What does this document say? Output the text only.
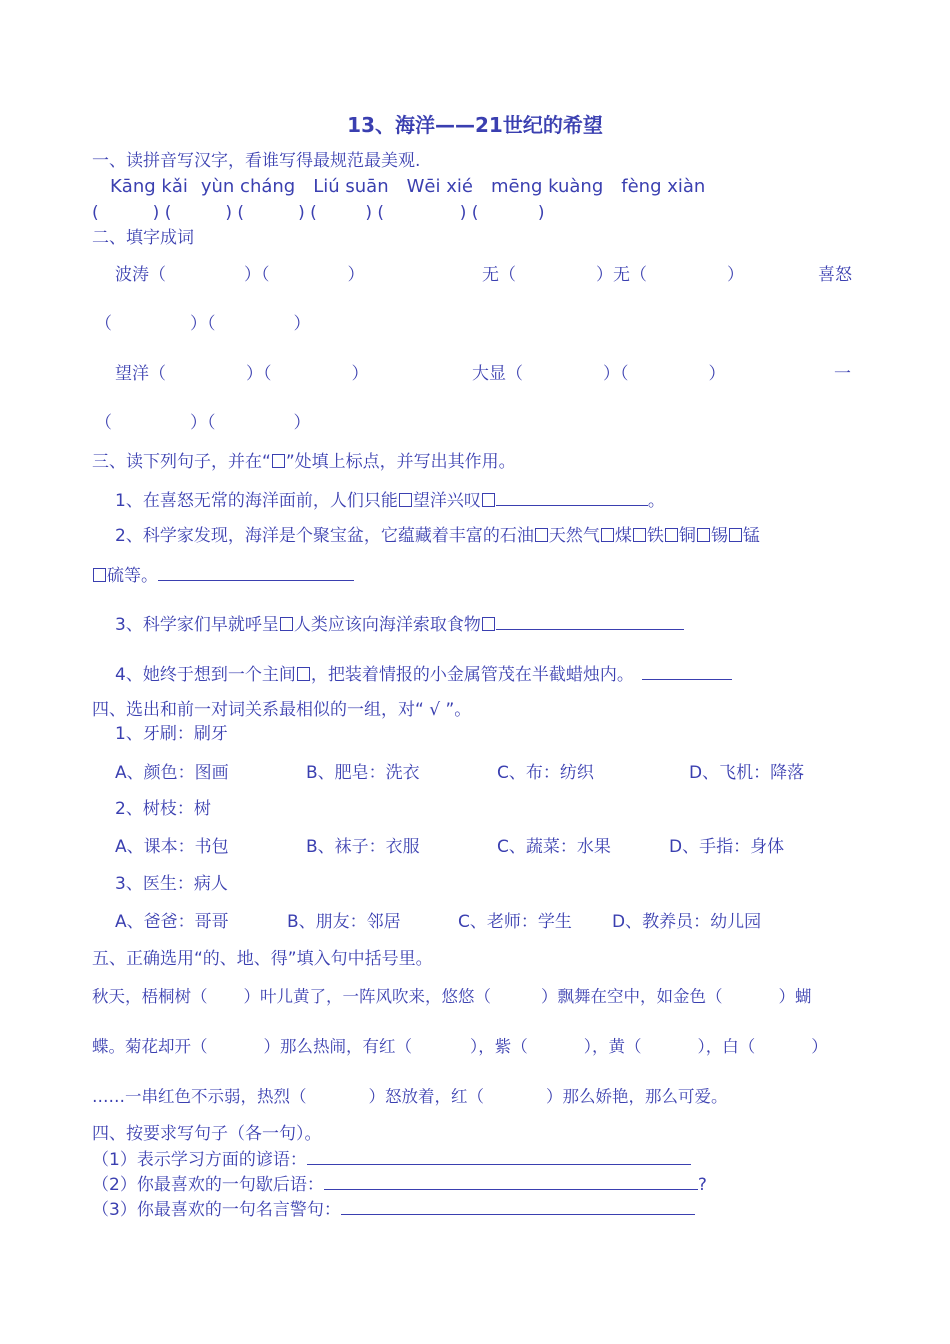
13、海洋——21世纪的希望
一、读拼音写汉字，看谁写得最规范最美观.
Kāng kǎi yùn cháng Liú suān Wēi xié mēng kuàng fèng xiàn
(          ) (          ) (          ) (         ) (              ) (           )
二、填字成词
波涛（	）（	）	无（	）无（	）	喜怒
（	）（	）
望洋（	）（	）	大显（	）（	）	一
（	）（	）
三、读下列句子，并在“ ”处填上标点，并写出其作用。
1、在喜怒无常的海洋面前，人们只能 望洋兴叹	。
2、科学家发现，海洋是个聚宝盆，它蕴藏着丰富的石油 天然气 煤 铁 铜 锡 锰
硫等。
3、科学家们早就呼呈 人类应该向海洋索取食物
4、她终于想到一个主间 ，把装着情报的小金属管茂在半截蜡烛内。
四、选出和前一对词关系最相似的一组，对“ √ ”。
1、牙刷：刷牙
A、颜色：图画	B、肥皂：洗衣	C、布：纺织	D、飞机：降落
2、树枝：树
A、课本：书包	B、袜子：衣服	C、蔬菜：水果	D、手指：身体
3、医生：病人
A、爸爸：哥哥	B、朋友：邻居	C、老师：学生 D、教养员：幼儿园
五、正确选用“的、地、得”填入句中括号里。
秋天，梧桐树（ ）叶儿黄了，一阵风吹来，悠悠（	）飘舞在空中，如金色（	）蝴
蝶。菊花却开（	）那么热闹，有红（	），紫（	），黄（	），白（	）
……一串红色不示弱，热烈（	）怒放着，红（	）那么娇艳，那么可爱。
四、按要求写句子（各一句）。
（1）表示学习方面的谚语：
（2）你最喜欢的一句歇后语：	?
（3）你最喜欢的一句名言警句：
